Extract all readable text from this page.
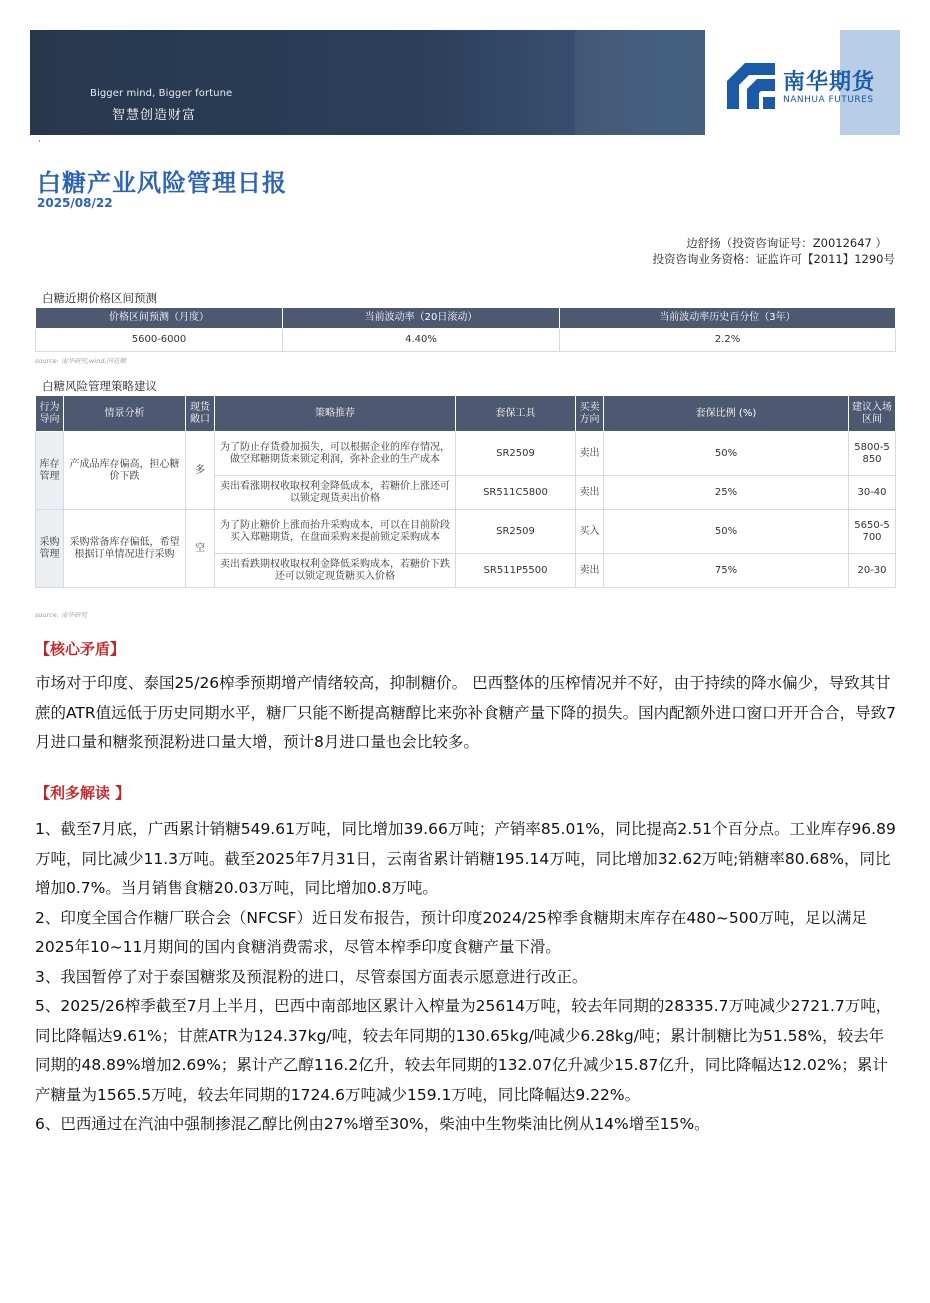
Bigger mind, Bigger fortune
智慧创造财富
南华期货
NANHUA FUTURES
·
白糖产业风险管理日报
2025/08/22
边舒扬（投资咨询证号：Z0012647 ）
投资咨询业务资格：证监许可【2011】1290号
白糖近期价格区间预测
价格区间预测（月度）	当前波动率（20日滚动）	当前波动率历史百分位（3年）
5600-6000	4.40%	2.2%
source: 南华研究,wind,同花顺
白糖风险管理策略建议
行为导向	情景分析	现货敞口	策略推荐	套保工具	买卖方向	套保比例 (%)	建议入场区间
库存管理	产成品库存偏高，担心糖价下跌	多	为了防止存货叠加损失，可以根据企业的库存情况，做空郑糖期货来锁定利润，弥补企业的生产成本	SR2509	卖出	50%	5800-5850
			卖出看涨期权收取权利金降低成本，若糖价上涨还可以锁定现货卖出价格	SR511C5800	卖出	25%	30-40
采购管理	采购常备库存偏低，希望根据订单情况进行采购	空	为了防止糖价上涨而抬升采购成本，可以在目前阶段买入郑糖期货，在盘面采购来提前锁定采购成本	SR2509	买入	50%	5650-5700
			卖出看跌期权收取权利金降低采购成本，若糖价下跌还可以锁定现货糖买入价格	SR511P5500	卖出	75%	20-30
source: 南华研究
【核心矛盾】

市场对于印度、泰国25/26榨季预期增产情绪较高，抑制糖价。 巴西整体的压榨情况并不好，由于持续的降水偏少，导致其甘蔗的ATR值远低于历史同期水平，糖厂只能不断提高糖醇比来弥补食糖产量下降的损失。国内配额外进口窗口开开合合，导致7月进口量和糖浆预混粉进口量大增，预计8月进口量也会比较多。

【利多解读 】

1、截至7月底，广西累计销糖549.61万吨，同比增加39.66万吨；产销率85.01%，同比提高2.51个百分点。工业库存96.89万吨，同比减少11.3万吨。截至2025年7月31日，云南省累计销糖195.14万吨，同比增加32.62万吨;销糖率80.68%，同比增加0.7%。当月销售食糖20.03万吨，同比增加0.8万吨。

2、印度全国合作糖厂联合会（NFCSF）近日发布报告，预计印度2024/25榨季食糖期末库存在480~500万吨，足以满足2025年10~11月期间的国内食糖消费需求，尽管本榨季印度食糖产量下滑。

3、我国暂停了对于泰国糖浆及预混粉的进口，尽管泰国方面表示愿意进行改正。

5、2025/26榨季截至7月上半月，巴西中南部地区累计入榨量为25614万吨，较去年同期的28335.7万吨减少2721.7万吨，同比降幅达9.61%；甘蔗ATR为124.37kg/吨，较去年同期的130.65kg/吨减少6.28kg/吨；累计制糖比为51.58%，较去年同期的48.89%增加2.69%；累计产乙醇116.2亿升，较去年同期的132.07亿升减少15.87亿升，同比降幅达12.02%；累计产糖量为1565.5万吨，较去年同期的1724.6万吨减少159.1万吨，同比降幅达9.22%。

6、巴西通过在汽油中强制掺混乙醇比例由27%增至30%，柴油中生物柴油比例从14%增至15%。
